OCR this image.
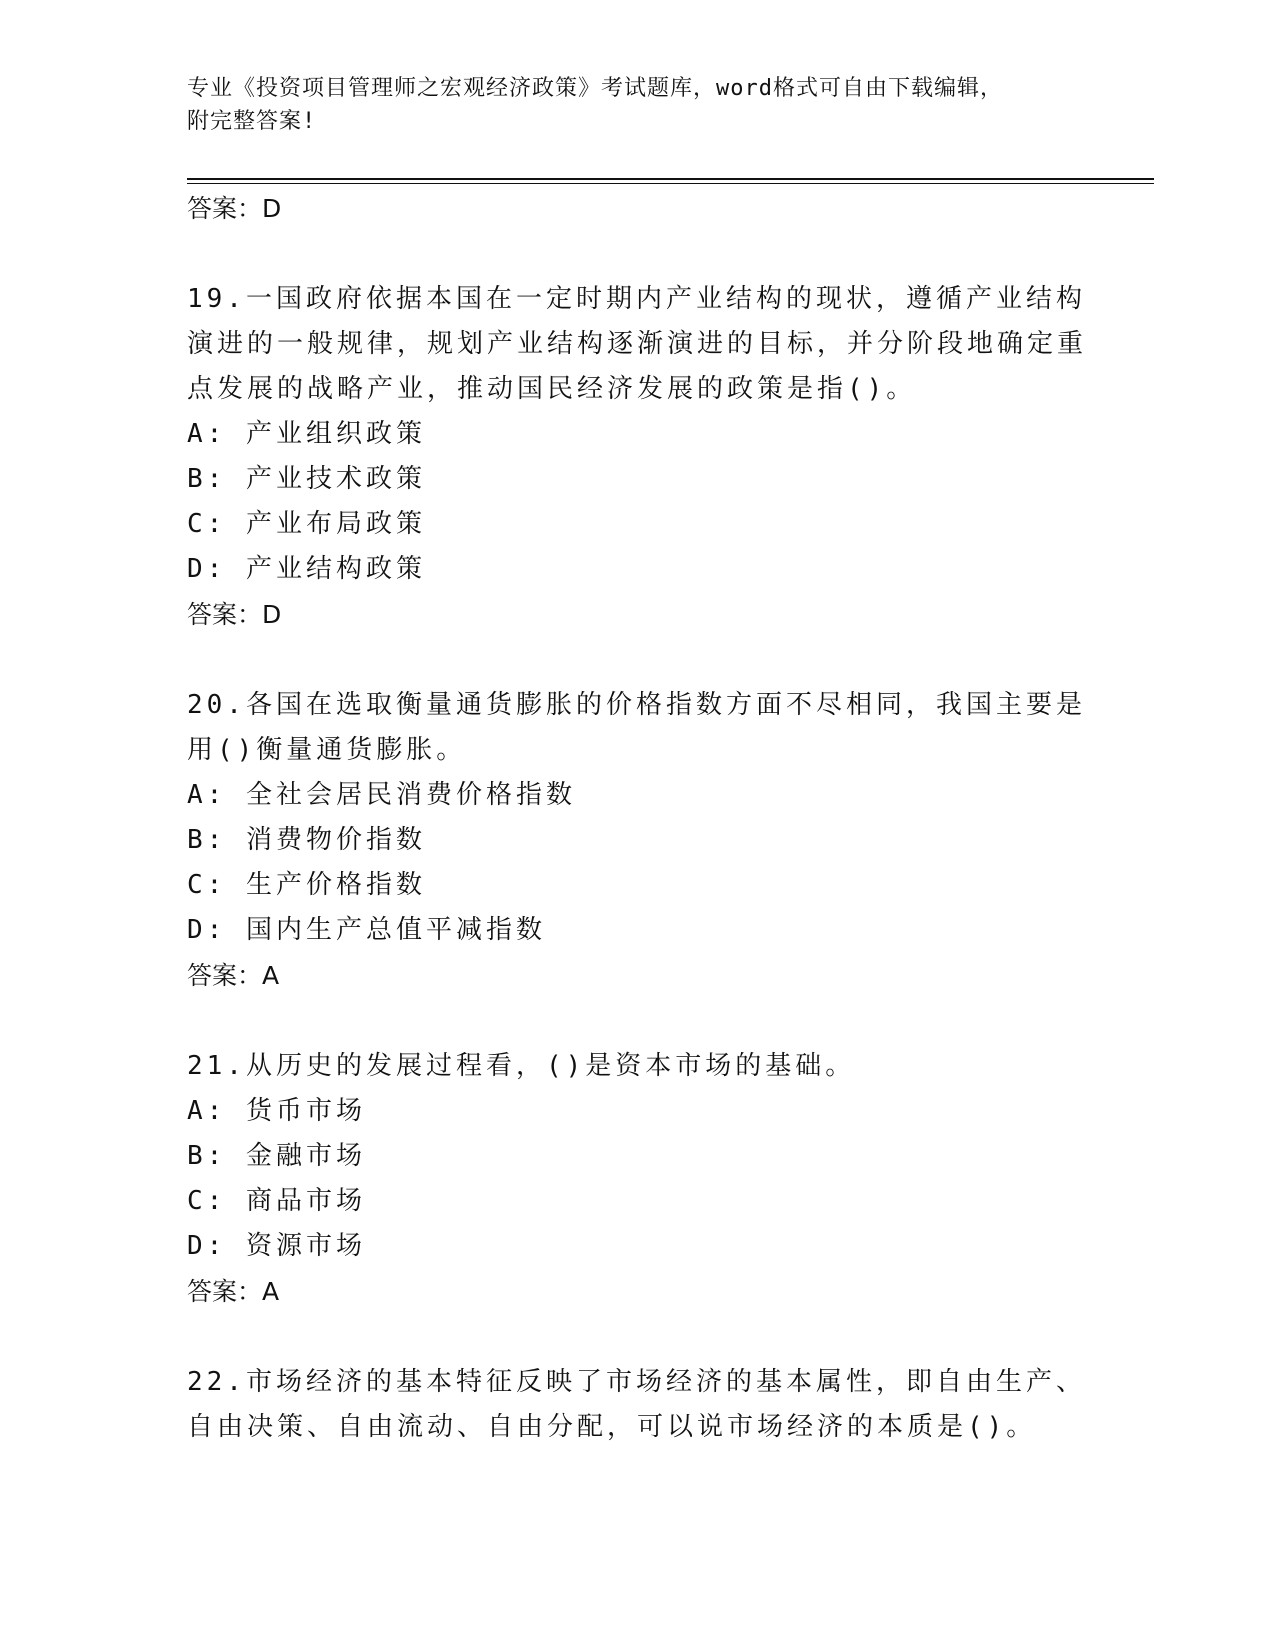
专业《投资项目管理师之宏观经济政策》考试题库，word格式可自由下载编辑，
附完整答案!
答案：D

19.一国政府依据本国在一定时期内产业结构的现状，遵循产业结构演进的一般规律，规划产业结构逐渐演进的目标，并分阶段地确定重点发展的战略产业，推动国民经济发展的政策是指()。

A: 产业组织政策
B: 产业技术政策
C: 产业布局政策
D: 产业结构政策
答案：D

20.各国在选取衡量通货膨胀的价格指数方面不尽相同，我国主要是用()衡量通货膨胀。

A: 全社会居民消费价格指数
B: 消费物价指数
C: 生产价格指数
D: 国内生产总值平减指数
答案：A

21.从历史的发展过程看，()是资本市场的基础。

A: 货币市场
B: 金融市场
C: 商品市场
D: 资源市场
答案：A

22.市场经济的基本特征反映了市场经济的基本属性，即自由生产、自由决策、自由流动、自由分配，可以说市场经济的本质是()。
